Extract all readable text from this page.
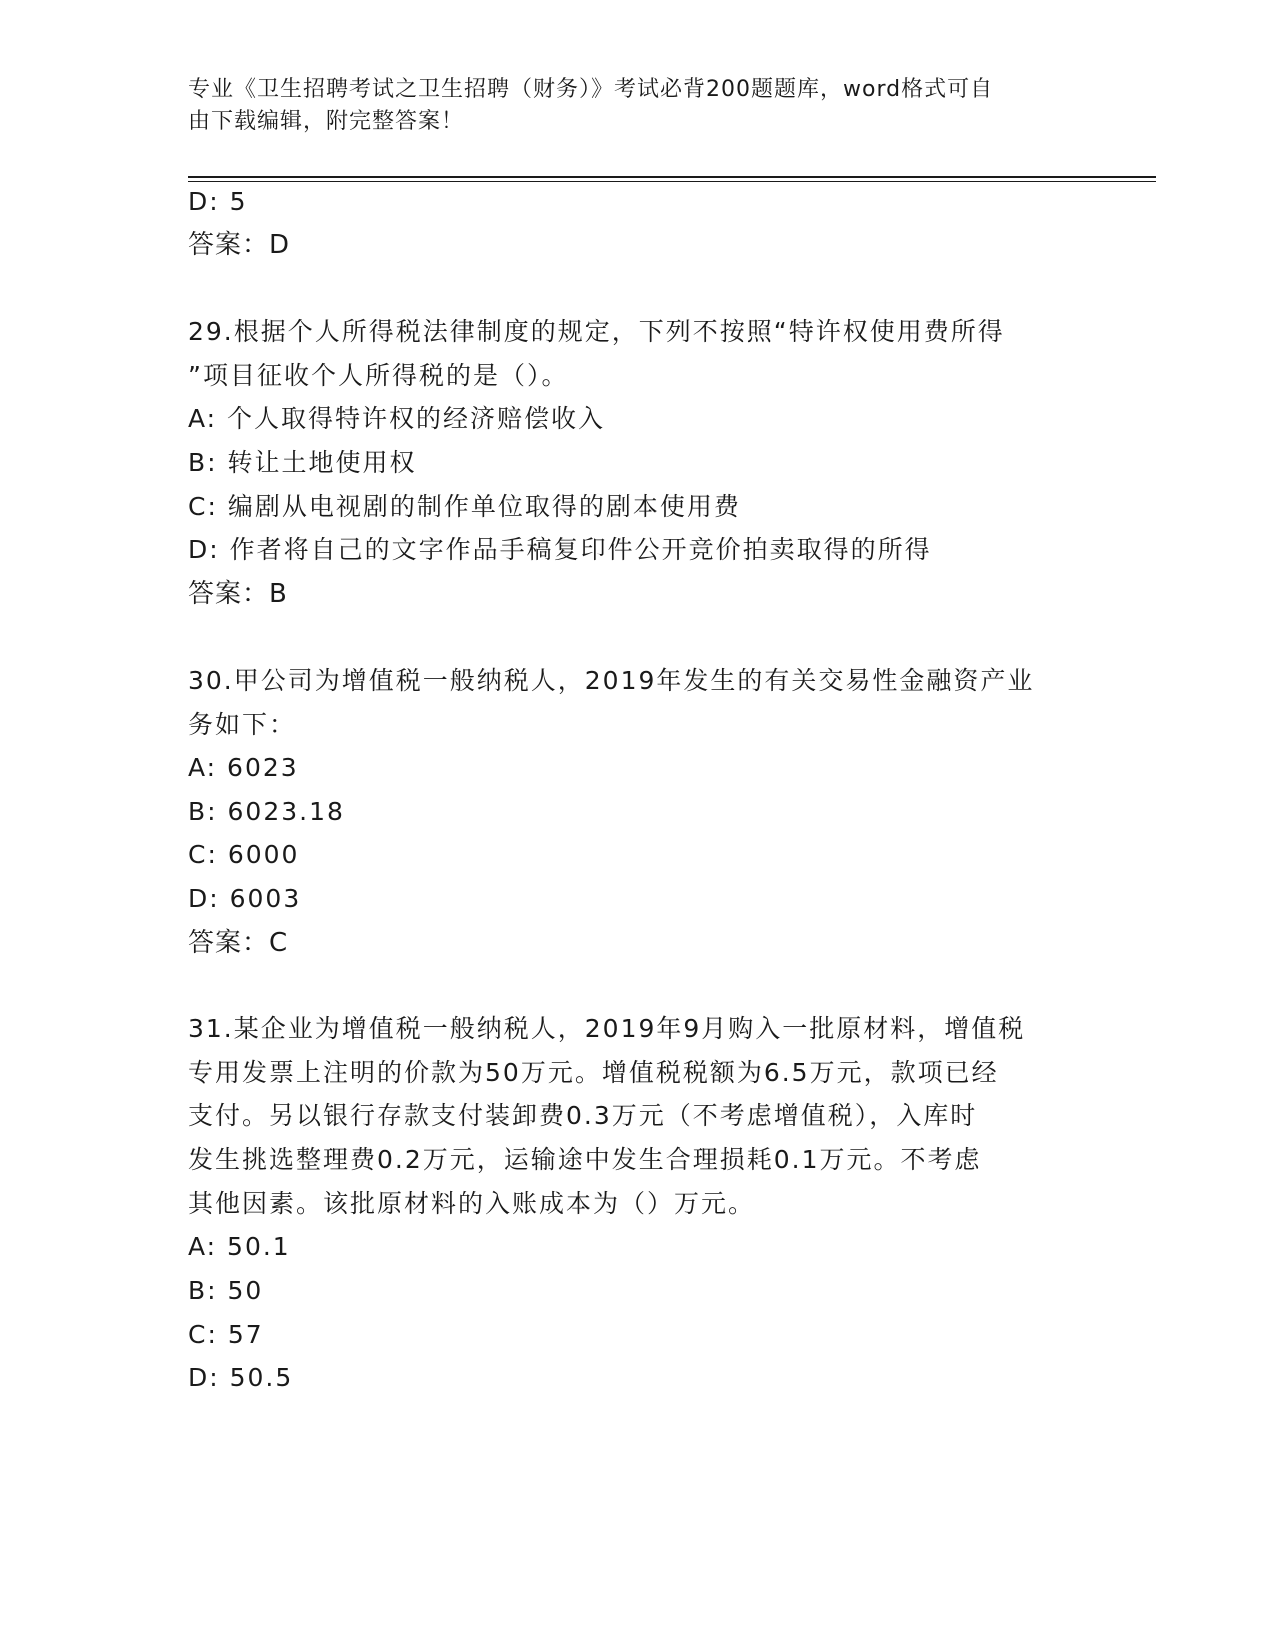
专业《卫生招聘考试之卫生招聘（财务）》考试必背200题题库，word格式可自
由下载编辑，附完整答案！
D: 5
答案：D
29.根据个人所得税法律制度的规定，下列不按照“特许权使用费所得
”项目征收个人所得税的是（）。
A: 个人取得特许权的经济赔偿收入
B: 转让土地使用权
C: 编剧从电视剧的制作单位取得的剧本使用费
D: 作者将自己的文字作品手稿复印件公开竞价拍卖取得的所得
答案：B
30.甲公司为增值税一般纳税人，2019年发生的有关交易性金融资产业
务如下：
A: 6023
B: 6023.18
C: 6000
D: 6003
答案：C
31.某企业为增值税一般纳税人，2019年9月购入一批原材料，增值税
专用发票上注明的价款为50万元。增值税税额为6.5万元，款项已经
支付。另以银行存款支付装卸费0.3万元（不考虑增值税），入库时
发生挑选整理费0.2万元，运输途中发生合理损耗0.1万元。不考虑
其他因素。该批原材料的入账成本为（）万元。
A: 50.1
B: 50
C: 57
D: 50.5
